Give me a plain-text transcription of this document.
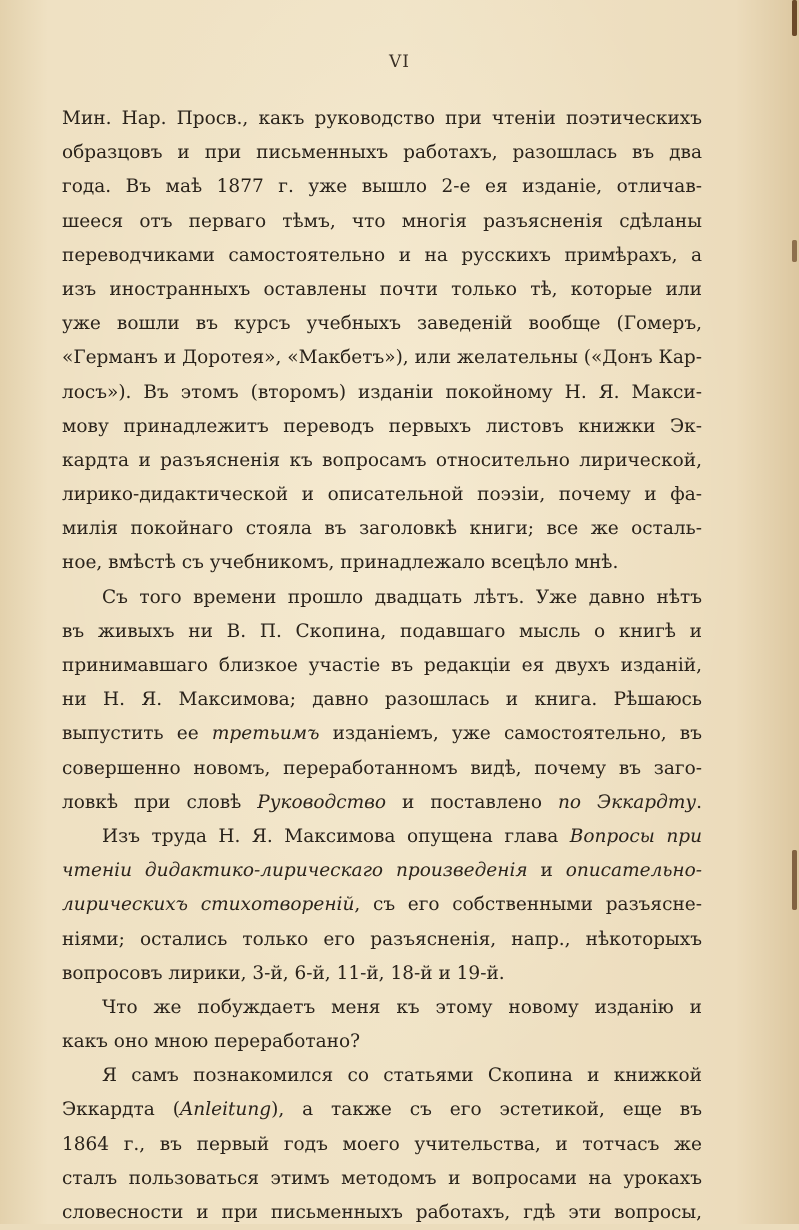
VI
Мин. Нар. Просв., какъ руководство при чтеніи поэтическихъ
образцовъ и при письменныхъ работахъ, разошлась въ два
года. Въ маѣ 1877 г. уже вышло 2-е ея изданіе, отличав-
шееся отъ перваго тѣмъ, что многія разъясненія сдѣланы
переводчиками самостоятельно и на русскихъ примѣрахъ, а
изъ иностранныхъ оставлены почти только тѣ, которые или
уже вошли въ курсъ учебныхъ заведеній вообще (Гомеръ,
«Германъ и Доротея», «Макбетъ»), или желательны («Донъ Кар-
лосъ»). Въ этомъ (второмъ) изданіи покойному Н. Я. Макси-
мову принадлежитъ переводъ первыхъ листовъ книжки Эк-
кардта и разъясненія къ вопросамъ относительно лирической,
лирико-дидактической и описательной поэзіи, почему и фа-
милія покойнаго стояла въ заголовкѣ книги; все же осталь-
ное, вмѣстѣ съ учебникомъ, принадлежало всецѣло мнѣ.
Съ того времени прошло двадцать лѣтъ. Уже давно нѣтъ
въ живыхъ ни В. П. Скопина, подавшаго мысль о книгѣ и
принимавшаго близкое участіе въ редакціи ея двухъ изданій,
ни Н. Я. Максимова; давно разошлась и книга. Рѣшаюсь
выпустить ее третьимъ изданіемъ, уже самостоятельно, въ
совершенно новомъ, переработанномъ видѣ, почему въ заго-
ловкѣ при словѣ Руководство и поставлено по Эккардту.
Изъ труда Н. Я. Максимова опущена глава Вопросы при
чтеніи дидактико-лирическаго произведенія и описательно-
лирическихъ стихотвореній, съ его собственными разъясне-
ніями; остались только его разъясненія, напр., нѣкоторыхъ
вопросовъ лирики, 3-й, 6-й, 11-й, 18-й и 19-й.
Что же побуждаетъ меня къ этому новому изданію и
какъ оно мною переработано?
Я самъ познакомился со статьями Скопина и книжкой
Эккардта (Anleitung), а также съ его эстетикой, еще въ
1864 г., въ первый годъ моего учительства, и тотчасъ же
сталъ пользоваться этимъ методомъ и вопросами на урокахъ
словесности и при письменныхъ работахъ, гдѣ эти вопросы,
